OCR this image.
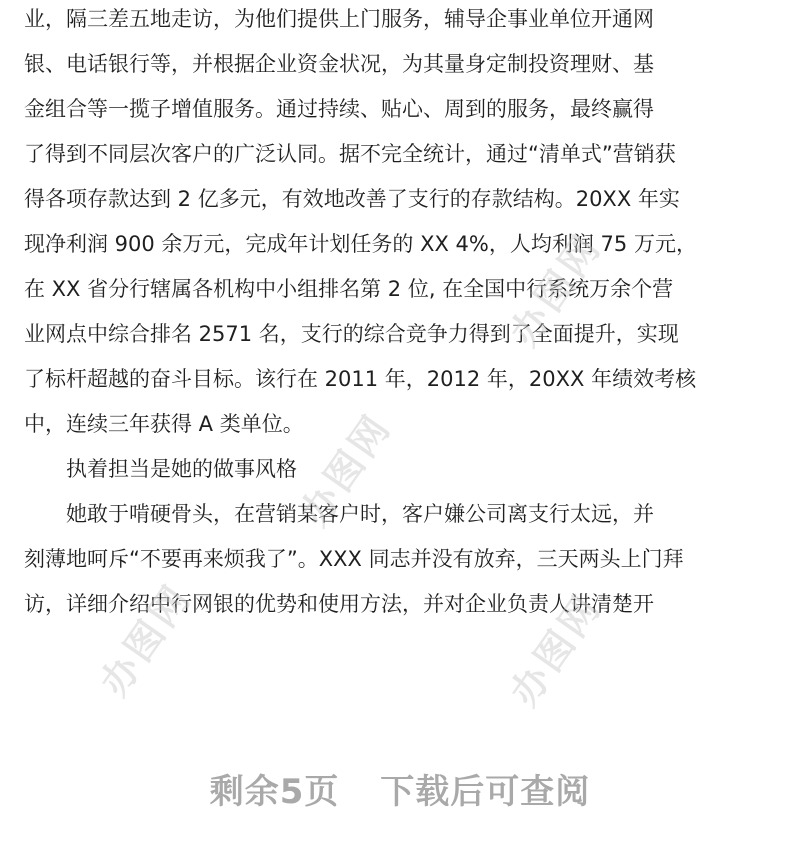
业，隔三差五地走访，为他们提供上门服务，辅导企事业单位开通网
银、电话银行等，并根据企业资金状况，为其量身定制投资理财、基
金组合等一揽子增值服务。通过持续、贴心、周到的服务，最终赢得
了得到不同层次客户的广泛认同。据不完全统计，通过“清单式”营销获
得各项存款达到 2 亿多元，有效地改善了支行的存款结构。20XX 年实
现净利润 900 余万元，完成年计划任务的 XX 4%，人均利润 75 万元，
在 XX 省分行辖属各机构中小组排名第 2 位, 在全国中行系统万余个营
业网点中综合排名 2571 名，支行的综合竞争力得到了全面提升，实现
了标杆超越的奋斗目标。该行在 2011 年，2012 年，20XX 年绩效考核
中，连续三年获得 A 类单位。
执着担当是她的做事风格
她敢于啃硬骨头，在营销某客户时，客户嫌公司离支行太远，并
刻薄地呵斥“不要再来烦我了”。XXX 同志并没有放弃，三天两头上门拜
访，详细介绍中行网银的优势和使用方法，并对企业负责人讲清楚开
办图网
办图网
办图网	办图网
剩余5页 下载后可查阅
